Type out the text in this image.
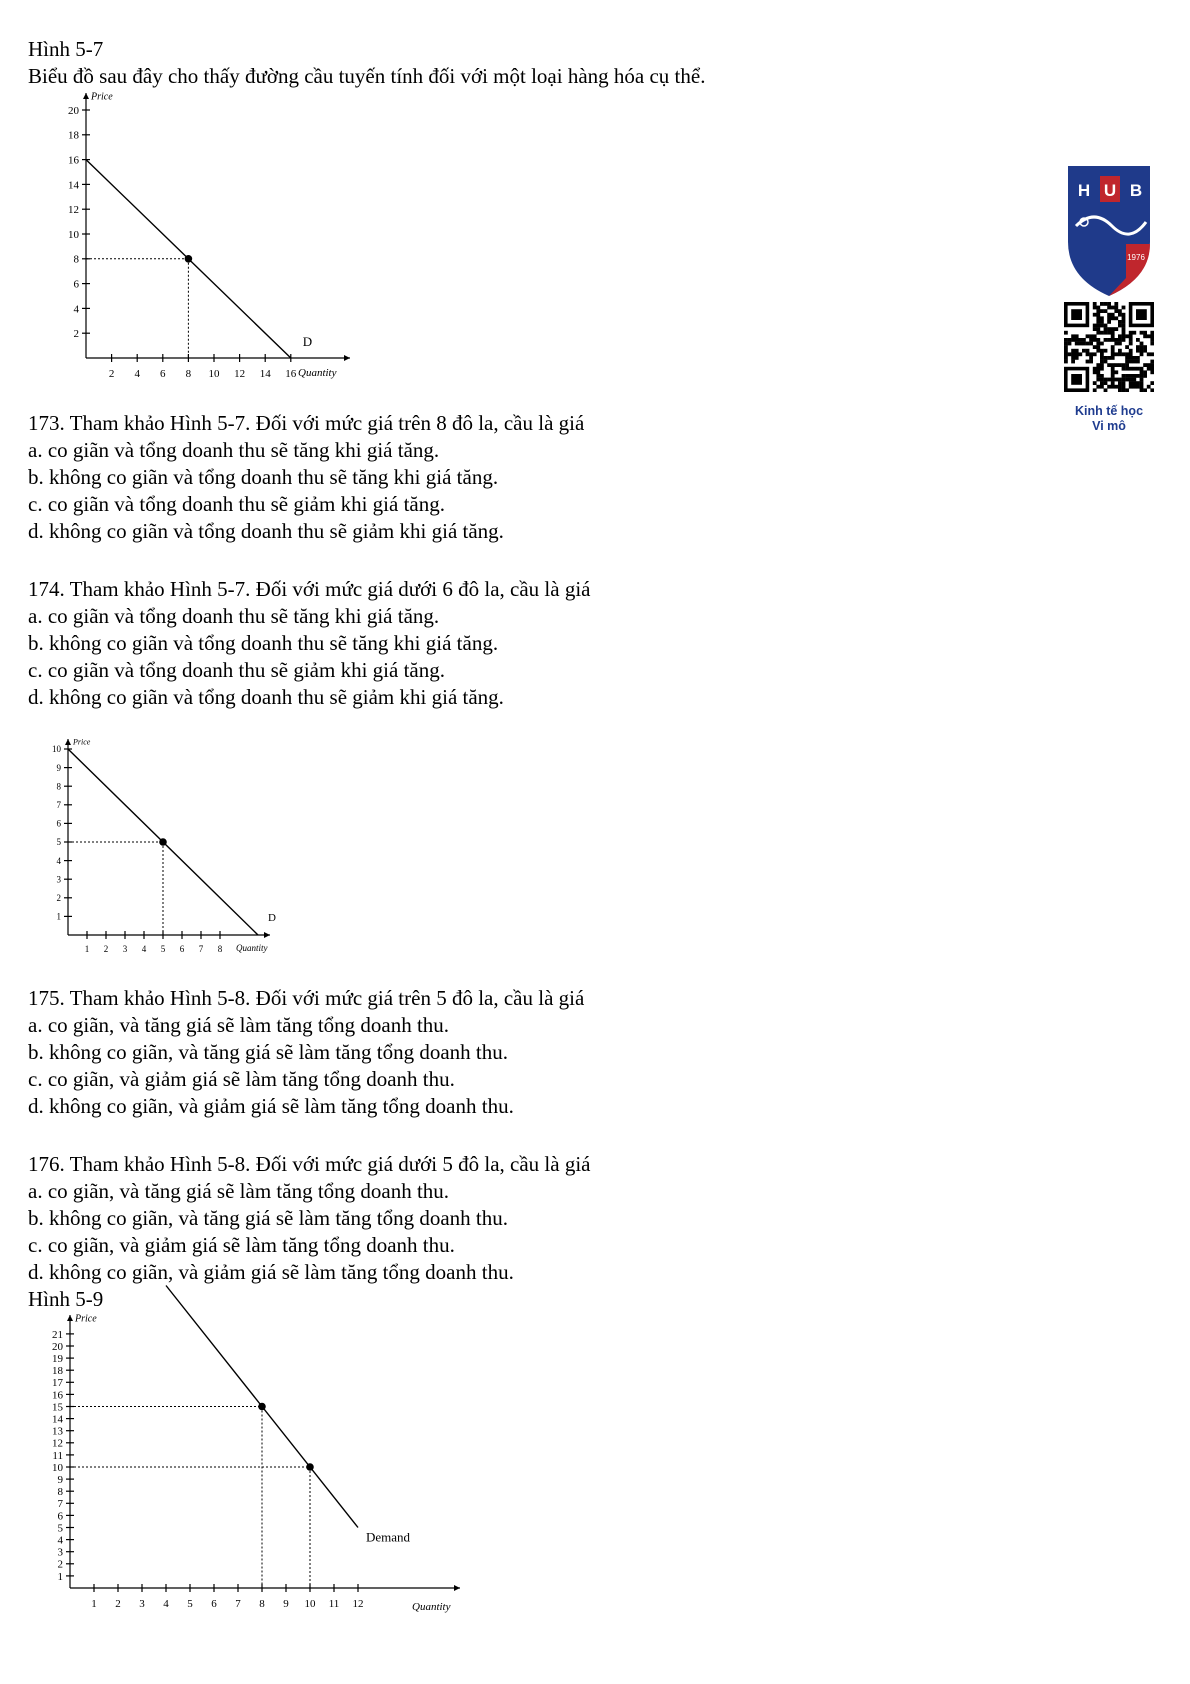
Hình 5-7
Biểu đồ sau đây cho thấy đường cầu tuyến tính đối với một loại hàng hóa cụ thể.
2 4 6 8 10 12 14 16
2
4
6
8
10
12
14
16
18
20
Price
Quantity
D
H U B
1976
Kinh tế học
Vi mô
173. Tham khảo Hình 5-7. Đối với mức giá trên 8 đô la, cầu là giá
a. co giãn và tổng doanh thu sẽ tăng khi giá tăng.
b. không co giãn và tổng doanh thu sẽ tăng khi giá tăng.
c. co giãn và tổng doanh thu sẽ giảm khi giá tăng.
d. không co giãn và tổng doanh thu sẽ giảm khi giá tăng.
174. Tham khảo Hình 5-7. Đối với mức giá dưới 6 đô la, cầu là giá
a. co giãn và tổng doanh thu sẽ tăng khi giá tăng.
b. không co giãn và tổng doanh thu sẽ tăng khi giá tăng.
c. co giãn và tổng doanh thu sẽ giảm khi giá tăng.
d. không co giãn và tổng doanh thu sẽ giảm khi giá tăng.
1 2 3 4 5 6 7 8
1
2
3
4
5
6
7
8
9
10
Price
Quantity
D
175. Tham khảo Hình 5-8. Đối với mức giá trên 5 đô la, cầu là giá
a. co giãn, và tăng giá sẽ làm tăng tổng doanh thu.
b. không co giãn, và tăng giá sẽ làm tăng tổng doanh thu.
c. co giãn, và giảm giá sẽ làm tăng tổng doanh thu.
d. không co giãn, và giảm giá sẽ làm tăng tổng doanh thu.
176. Tham khảo Hình 5-8. Đối với mức giá dưới 5 đô la, cầu là giá
a. co giãn, và tăng giá sẽ làm tăng tổng doanh thu.
b. không co giãn, và tăng giá sẽ làm tăng tổng doanh thu.
c. co giãn, và giảm giá sẽ làm tăng tổng doanh thu.
d. không co giãn, và giảm giá sẽ làm tăng tổng doanh thu.
Hình 5-9
1 2 3 4 5 6 7 8 9 10 11 12
1
2
3
4
5
6
7
8
9
10
11
12
13
14
15
16
17
18
19
20
21
Price
Quantity
Demand
